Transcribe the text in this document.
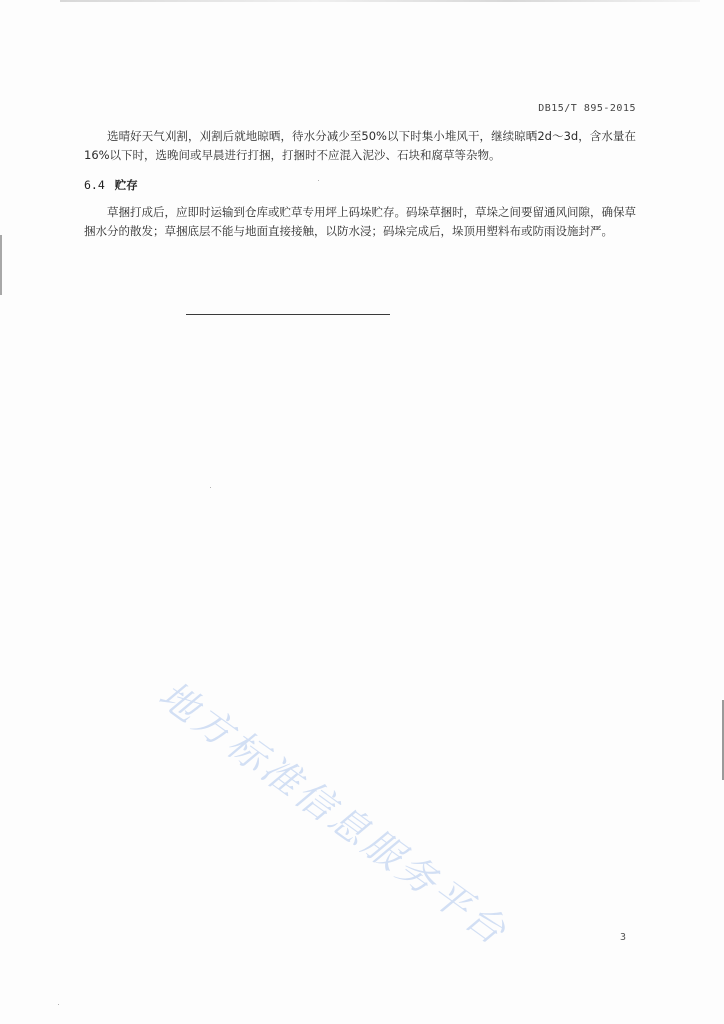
DB15/T 895-2015

选晴好天气刈割，刈割后就地晾晒，待水分减少至50%以下时集小堆风干，继续晾晒2d～3d，含水量在16%以下时，选晚间或早晨进行打捆，打捆时不应混入泥沙、石块和腐草等杂物。

6.4 贮存

草捆打成后，应即时运输到仓库或贮草专用坪上码垛贮存。码垛草捆时，草垛之间要留通风间隙，确保草捆水分的散发；草捆底层不能与地面直接接触，以防水浸；码垛完成后，垛顶用塑料布或防雨设施封严。

地方标准信息服务平台	3
